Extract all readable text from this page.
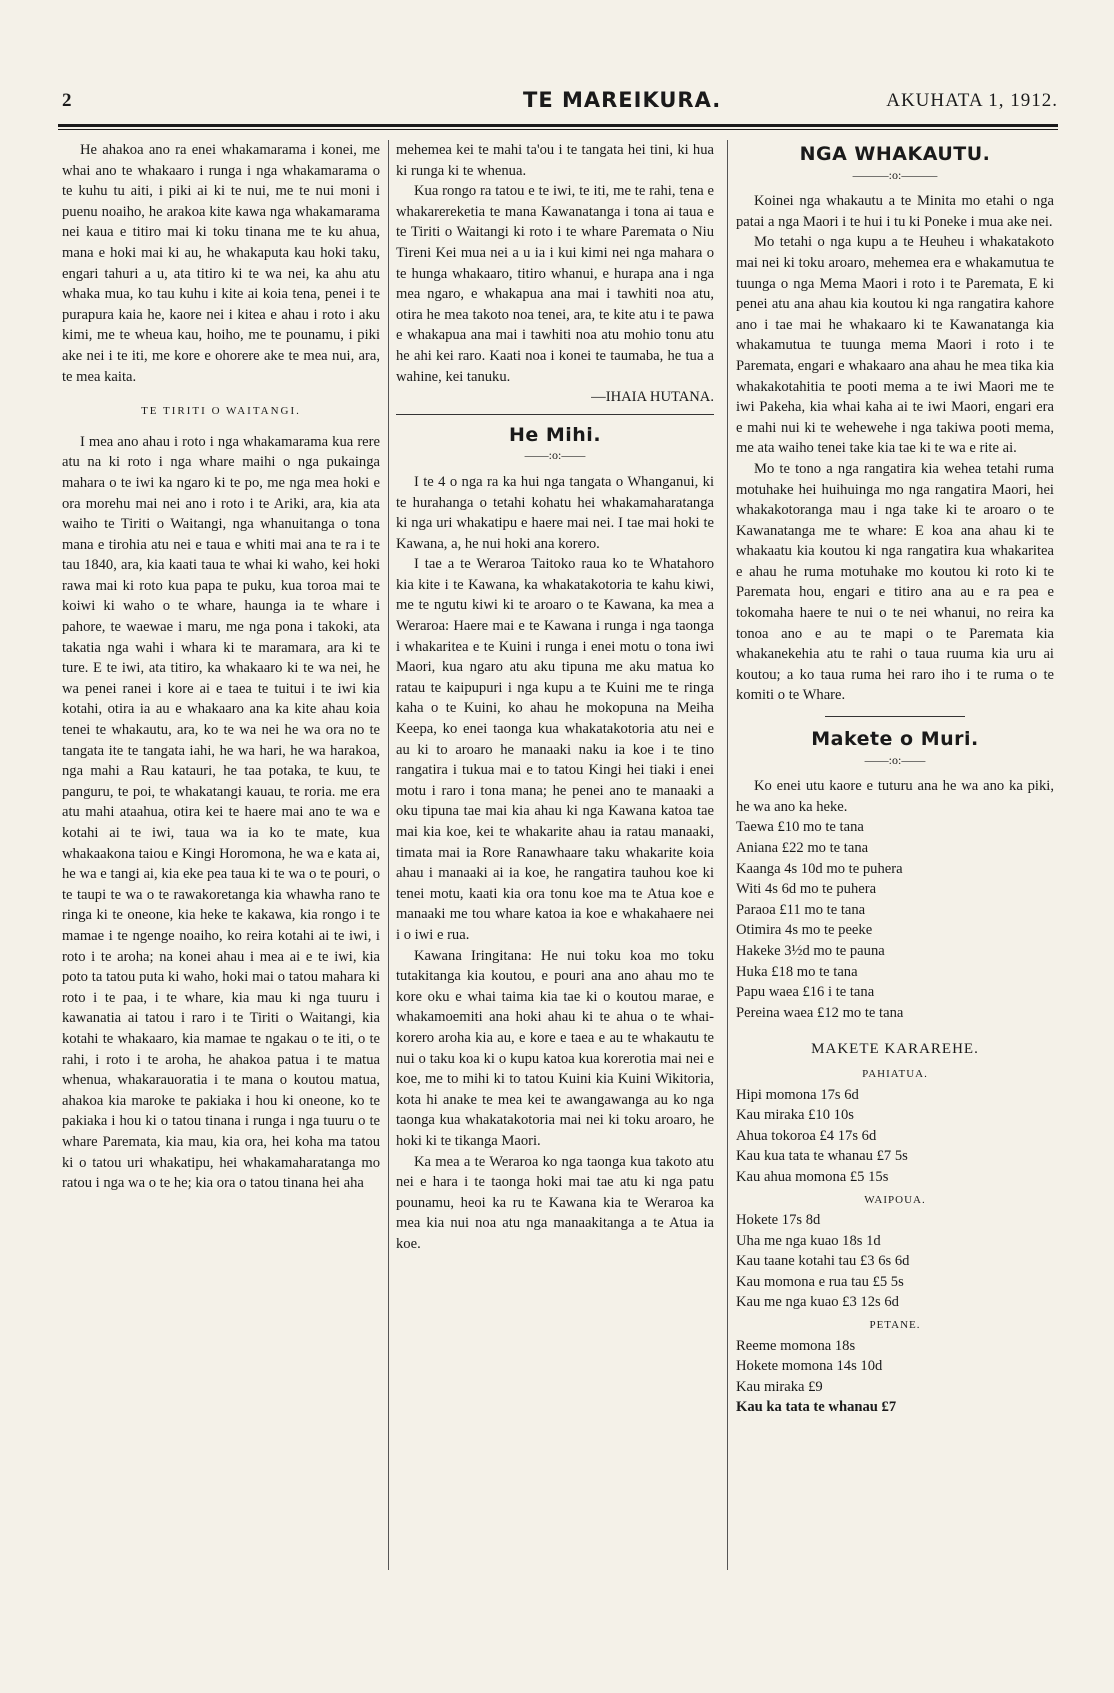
2	TE MAREIKURA.	AKUHATA 1, 1912.

He ahakoa ano ra enei whakamarama i konei, me whai ano te whakaaro i runga i nga whakamarama o te kuhu tu aiti, i piki ai ki te nui, me te nui moni i puenu noaiho, he arakoa kite kawa nga whakamarama nei kaua e titiro mai ki toku tinana me te ku ahua, mana e hoki mai ki au, he whakaputa kau hoki taku, engari tahuri a u, ata titiro ki te wa nei, ka ahu atu whaka mua, ko tau kuhu i kite ai koia tena, penei i te purapura kaia he, kaore nei i kitea e ahau i roto i aku kimi, me te wheua kau, hoiho, me te pounamu, i piki ake nei i te iti, me kore e ohorere ake te mea nui, ara, te mea kaita.

TE TIRITI O WAITANGI.

I mea ano ahau i roto i nga whakamarama kua rere atu na ki roto i nga whare maihi o nga pukainga mahara o te iwi ka ngaro ki te po, me nga mea hoki e ora morehu mai nei ano i roto i te Ariki, ara, kia ata waiho te Tiriti o Waitangi, nga whanuitanga o tona mana e tirohia atu nei e taua e whiti mai ana te ra i te tau 1840, ara, kia kaati taua te whai ki waho, kei hoki rawa mai ki roto kua papa te puku, kua toroa mai te koiwi ki waho o te whare, haunga ia te whare i pahore, te waewae i maru, me nga pona i takoki, ata takatia nga wahi i whara ki te maramara, ara ki te ture. E te iwi, ata titiro, ka whakaaro ki te wa nei, he wa penei ranei i kore ai e taea te tuitui i te iwi kia kotahi, otira ia au e whakaaro ana ka kite ahau koia tenei te whakautu, ara, ko te wa nei he wa ora no te tangata ite te tangata iahi, he wa hari, he wa harakoa, nga mahi a Rau katauri, he taa potaka, te kuu, te panguru, te poi, te whakatangi kauau, te roria. me era atu mahi ataahua, otira kei te haere mai ano te wa e kotahi ai te iwi, taua wa ia ko te mate, kua whakaakona taiou e Kingi Horomona, he wa e kata ai, he wa e tangi ai, kia eke pea taua ki te wa o te pouri, o te taupi te wa o te rawakoretanga kia whawha rano te ringa ki te oneone, kia heke te kakawa, kia rongo i te mamae i te ngenge noaiho, ko reira kotahi ai te iwi, i roto i te aroha; na konei ahau i mea ai e te iwi, kia poto ta tatou puta ki waho, hoki mai o tatou mahara ki roto i te paa, i te whare, kia mau ki nga tuuru i kawanatia ai tatou i raro i te Tiriti o Waitangi, kia kotahi te whakaaro, kia mamae te ngakau o te iti, o te rahi, i roto i te aroha, he ahakoa patua i te matua whenua, whakarauoratia i te mana o koutou matua, ahakoa kia maroke te pakiaka i hou ki oneone, ko te pakiaka i hou ki o tatou tinana i runga i nga tuuru o te whare Paremata, kia mau, kia ora, hei koha ma tatou ki o tatou uri whakatipu, hei whakamaharatanga mo ratou i nga wa o te he; kia ora o tatou tinana hei aha

mehemea kei te mahi ta'ou i te tangata hei tini, ki hua ki runga ki te whenua.

Kua rongo ra tatou e te iwi, te iti, me te rahi, tena e whakarereketia te mana Kawanatanga i tona ai taua e te Tiriti o Waitangi ki roto i te whare Paremata o Niu Tireni Kei mua nei a u ia i kui kimi nei nga mahara o te hunga whakaaro, titiro whanui, e hurapa ana i nga mea ngaro, e whakapua ana mai i tawhiti noa atu, otira he mea takoto noa tenei, ara, te kite atu i te pawa e whakapua ana mai i tawhiti noa atu mohio tonu atu he ahi kei raro. Kaati noa i konei te taumaba, he tua a wahine, kei tanuku.

—IHAIA HUTANA.
He Mihi.
——:o:——

I te 4 o nga ra ka hui nga tangata o Whanganui, ki te hurahanga o tetahi kohatu hei whakamaharatanga ki nga uri whakatipu e haere mai nei. I tae mai hoki te Kawana, a, he nui hoki ana korero.

I tae a te Weraroa Taitoko raua ko te Whatahoro kia kite i te Kawana, ka whakatakotoria te kahu kiwi, me te ngutu kiwi ki te aroaro o te Kawana, ka mea a Weraroa: Haere mai e te Kawana i runga i nga taonga i whakaritea e te Kuini i runga i enei motu o tona iwi Maori, kua ngaro atu aku tipuna me aku matua ko ratau te kaipupuri i nga kupu a te Kuini me te ringa kaha o te Kuini, ko ahau he mokopuna na Meiha Keepa, ko enei taonga kua whakatakotoria atu nei e au ki to aroaro he manaaki naku ia koe i te tino rangatira i tukua mai e to tatou Kingi hei tiaki i enei motu i raro i tona mana; he penei ano te manaaki a oku tipuna tae mai kia ahau ki nga Kawana katoa tae mai kia koe, kei te whakarite ahau ia ratau manaaki, timata mai ia Rore Ranawhaare taku whakarite koia ahau i manaaki ai ia koe, he rangatira tauhou koe ki tenei motu, kaati kia ora tonu koe ma te Atua koe e manaaki me tou whare katoa ia koe e whakahaere nei i o iwi e rua.

Kawana Iringitana: He nui toku koa mo toku tutakitanga kia koutou, e pouri ana ano ahau mo te kore oku e whai taima kia tae ki o koutou marae, e whakamoemiti ana hoki ahau ki te ahua o te whai-korero aroha kia au, e kore e taea e au te whakautu te nui o taku koa ki o kupu katoa kua korerotia mai nei e koe, me to mihi ki to tatou Kuini kia Kuini Wikitoria, kota hi anake te mea kei te awangawanga au ko nga taonga kua whakatakotoria mai nei ki toku aroaro, he hoki ki te tikanga Maori.

Ka mea a te Weraroa ko nga taonga kua takoto atu nei e hara i te taonga hoki mai tae atu ki nga patu pounamu, heoi ka ru te Kawana kia te Weraroa ka mea kia nui noa atu nga manaakitanga a te Atua ia koe.

NGA WHAKAUTU.
———:o:———

Koinei nga whakautu a te Minita mo etahi o nga patai a nga Maori i te hui i tu ki Poneke i mua ake nei.

Mo tetahi o nga kupu a te Heuheu i whakatakoto mai nei ki toku aroaro, mehemea era e whakamutua te tuunga o nga Mema Maori i roto i te Paremata, E ki penei atu ana ahau kia koutou ki nga rangatira kahore ano i tae mai he whakaaro ki te Kawanatanga kia whakamutua te tuunga mema Maori i roto i te Paremata, engari e whakaaro ana ahau he mea tika kia whakakotahitia te pooti mema a te iwi Maori me te iwi Pakeha, kia whai kaha ai te iwi Maori, engari era e mahi nui ki te wehewehe i nga takiwa pooti mema, me ata waiho tenei take kia tae ki te wa e rite ai.

Mo te tono a nga rangatira kia wehea tetahi ruma motuhake hei huihuinga mo nga rangatira Maori, hei whakakotoranga mau i nga take ki te aroaro o te Kawanatanga me te whare: E koa ana ahau ki te whakaatu kia koutou ki nga rangatira kua whakaritea e ahau he ruma motuhake mo koutou ki roto ki te Paremata hou, engari e titiro ana au e ra pea e tokomaha haere te nui o te nei whanui, no reira ka tonoa ano e au te mapi o te Paremata kia whakanekehia atu te rahi o taua ruuma kia uru ai koutou; a ko taua ruma hei raro iho i te ruma o te komiti o te Whare.

Makete o Muri.
——:o:——

Ko enei utu kaore e tuturu ana he wa ano ka piki, he wa ano ka heke.

Taewa £10 mo te tana
Aniana £22 mo te tana
Kaanga 4s 10d mo te puhera
Witi 4s 6d mo te puhera
Paraoa £11 mo te tana
Otimira 4s mo te peeke
Hakeke 3½d mo te pauna
Huka £18 mo te tana
Papu waea £16 i te tana
Pereina waea £12 mo te tana
MAKETE KARAREHE.
PAHIATUA.
Hipi momona 17s 6d
Kau miraka £10 10s
Ahua tokoroa £4 17s 6d
Kau kua tata te whanau £7 5s
Kau ahua momona £5 15s
WAIPOUA.
Hokete 17s 8d
Uha me nga kuao 18s 1d
Kau taane kotahi tau £3 6s 6d
Kau momona e rua tau £5 5s
Kau me nga kuao £3 12s 6d
PETANE.
Reeme momona 18s
Hokete momona 14s 10d
Kau miraka £9
Kau ka tata te whanau £7
